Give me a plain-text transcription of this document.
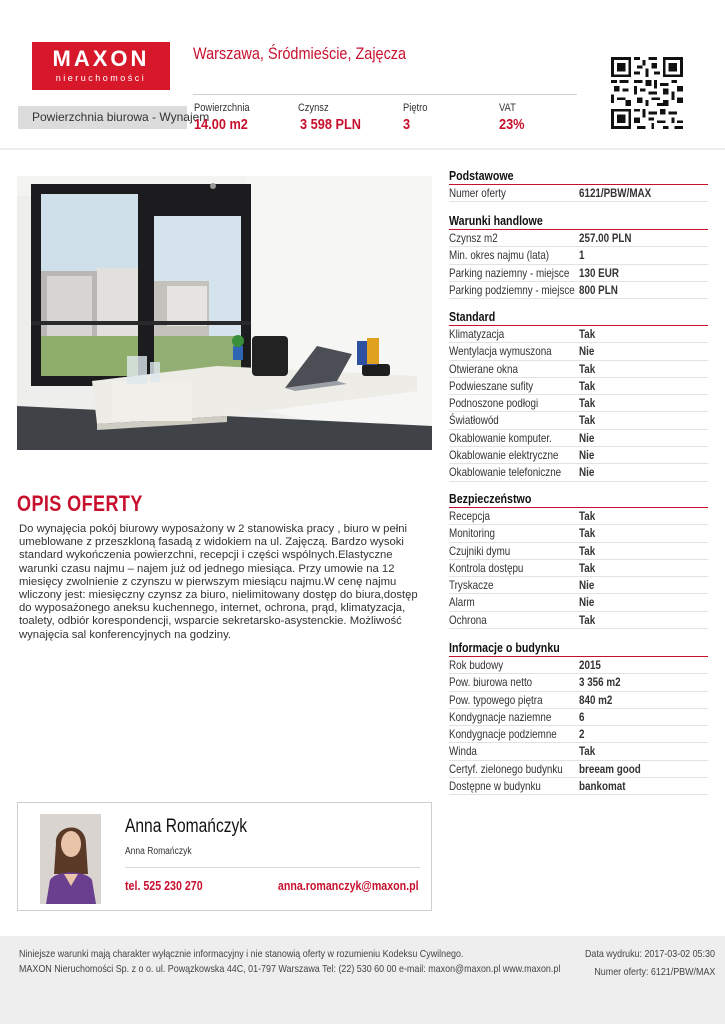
MAXON
nieruchomości
Warszawa, Śródmieście, Zajęcza
Powierzchnia biurowa - Wynajem
Powierzchnia
14.00 m2
Czynsz
3 598 PLN
Piętro
3
VAT
23%
OPIS OFERTY
Do wynajęcia pokój biurowy wyposażony w 2 stanowiska pracy , biuro w pełni umeblowane z przeszkloną fasadą z widokiem na ul. Zajęczą. Bardzo wysoki standard wykończenia powierzchni, recepcji i części wspólnych.Elastyczne warunki czasu najmu – najem już od jednego miesiąca. Przy umowie na 12 miesięcy zwolnienie z czynszu w pierwszym miesiącu najmu.W cenę najmu wliczony jest: miesięczny czynsz za biuro, nielimitowany dostęp do biura,dostęp do wyposażonego aneksu kuchennego, internet, ochrona, prąd, klimatyzacja, toalety, odbiór korespondencji, wsparcie sekretarsko-asystenckie. Możliwość wynajęcia sal konferencyjnych na godziny.
Podstawowe
Numer oferty	6121/PBW/MAX
Warunki handlowe
Czynsz m2	257.00 PLN
Min. okres najmu (lata) 1
Parking naziemny - miejsce 130 EUR
Parking podziemny - miejsce 800 PLN
Standard
Klimatyzacja	Tak
Wentylacja wymuszona Nie
Otwierane okna	Tak
Podwieszane sufity	Tak
Podnoszone podłogi	Tak
Światłowód	Tak
Okablowanie komputer. Nie
Okablowanie elektryczne Nie
Okablowanie telefoniczne Nie
Bezpieczeństwo
Recepcja	Tak
Monitoring	Tak
Czujniki dymu	Tak
Kontrola dostępu	Tak
Tryskacze	Nie
Alarm	Nie
Ochrona	Tak
Informacje o budynku
Rok budowy	2015
Pow. biurowa netto	3 356 m2
Pow. typowego piętra	840 m2
Kondygnacje naziemne 6
Kondygnacje podziemne 2
Winda	Tak
Certyf. zielonego budynku breeam good
Dostępne w budynku	bankomat
Anna Romańczyk
Anna Romańczyk
tel. 525 230 270	anna.romanczyk@maxon.pl
Niniejsze warunki mają charakter wyłącznie informacyjny i nie stanowią oferty w rozumieniu Kodeksu Cywilnego.
MAXON Nieruchomości Sp. z o o. ul. Powązkowska 44C, 01-797 Warszawa Tel: (22) 530 60 00 e-mail: maxon@maxon.pl www.maxon.pl
Data wydruku: 2017-03-02 05:30
Numer oferty: 6121/PBW/MAX
